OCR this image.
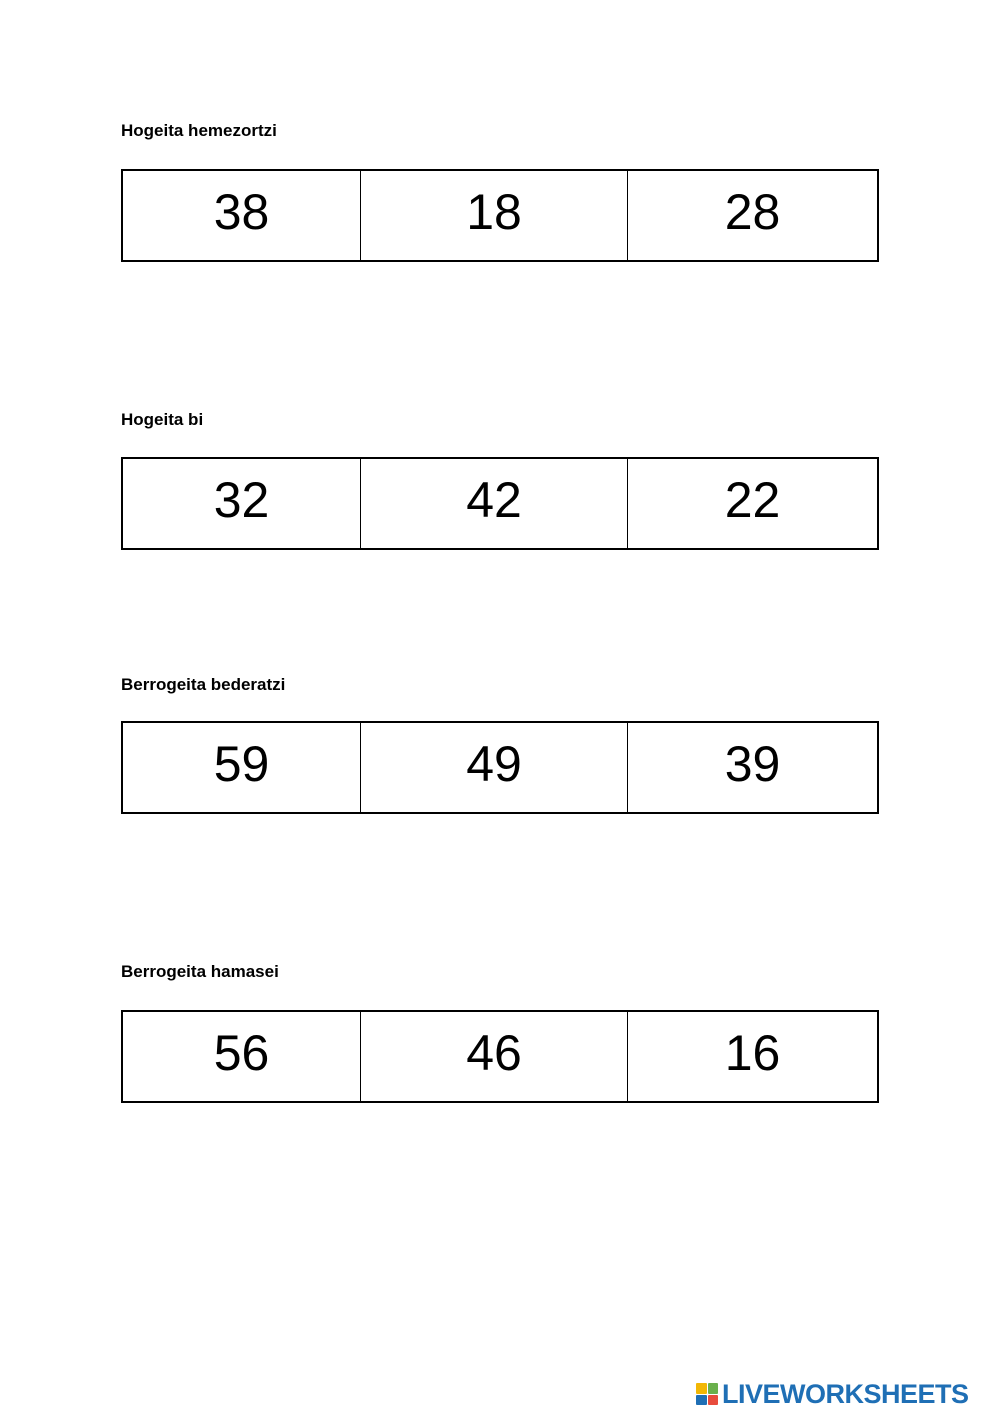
Hogeita hemezortzi
38	18	28
Hogeita bi
32	42	22
Berrogeita bederatzi
59	49	39
Berrogeita hamasei
56	46	16
LIVEWORKSHEETS
